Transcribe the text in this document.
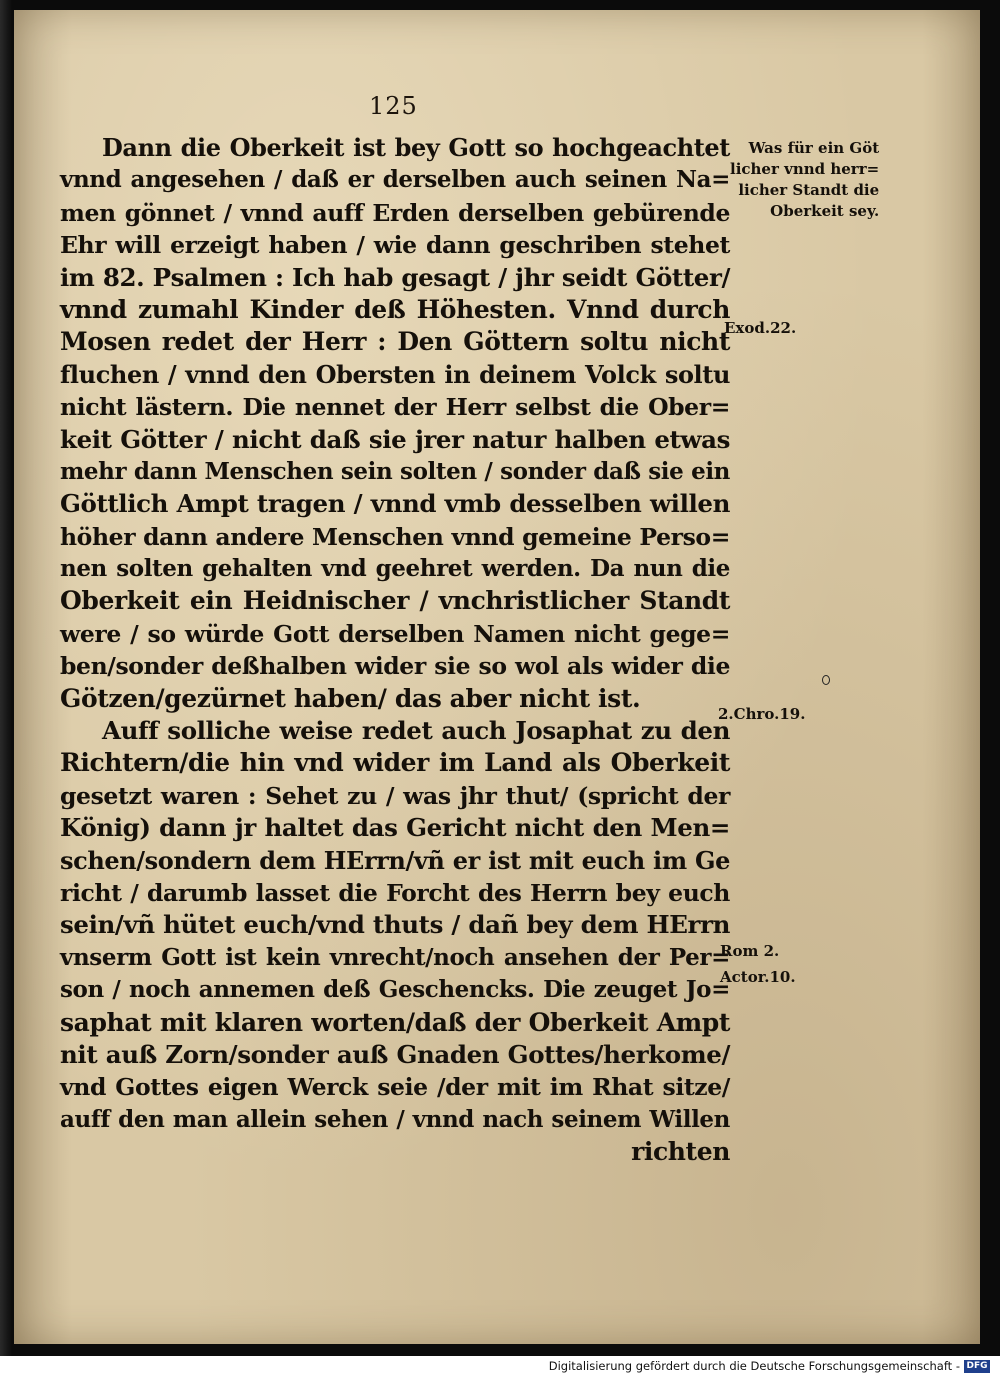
125
Dann die Oberkeit ist bey Gott so hochgeachtet
vnnd angesehen / daß er derselben auch seinen Na=
men gönnet / vnnd auff Erden derselben gebürende
Ehr will erzeigt haben / wie dann geschriben stehet
im 82. Psalmen : Ich hab gesagt / jhr seidt Götter/
vnnd zumahl Kinder deß Höhesten. Vnnd durch
Mosen redet der Herr : Den Göttern soltu nicht
fluchen / vnnd den Obersten in deinem Volck soltu
nicht lästern. Die nennet der Herr selbst die Ober=
keit Götter / nicht daß sie jrer natur halben etwas
mehr dann Menschen sein solten / sonder daß sie ein
Göttlich Ampt tragen / vnnd vmb desselben willen
höher dann andere Menschen vnnd gemeine Perso=
nen solten gehalten vnd geehret werden. Da nun die
Oberkeit ein Heidnischer / vnchristlicher Standt
were / so würde Gott derselben Namen nicht gege=
ben/sonder deßhalben wider sie so wol als wider die
Götzen/gezürnet haben/ das aber nicht ist.
Auff solliche weise redet auch Josaphat zu den
Richtern/die hin vnd wider im Land als Oberkeit
gesetzt waren : Sehet zu / was jhr thut/ (spricht der
König) dann jr haltet das Gericht nicht den Men=
schen/sondern dem HErrn/vñ er ist mit euch im Ge
richt / darumb lasset die Forcht des Herrn bey euch
sein/vñ hütet euch/vnd thuts / dañ bey dem HErrn
vnserm Gott ist kein vnrecht/noch ansehen der Per=
son / noch annemen deß Geschencks. Die zeuget Jo=
saphat mit klaren worten/daß der Oberkeit Ampt
nit auß Zorn/sonder auß Gnaden Gottes/herkome/
vnd Gottes eigen Werck seie /der mit im Rhat sitze/
auff den man allein sehen / vnnd nach seinem Willen
richten
Was für ein Göt
licher vnnd herr=
licher Standt die
Oberkeit sey.
Exod.22.
2.Chro.19.
Rom 2.
Actor.10.
Digitalisierung gefördert durch die Deutsche Forschungsgemeinschaft - DFG
